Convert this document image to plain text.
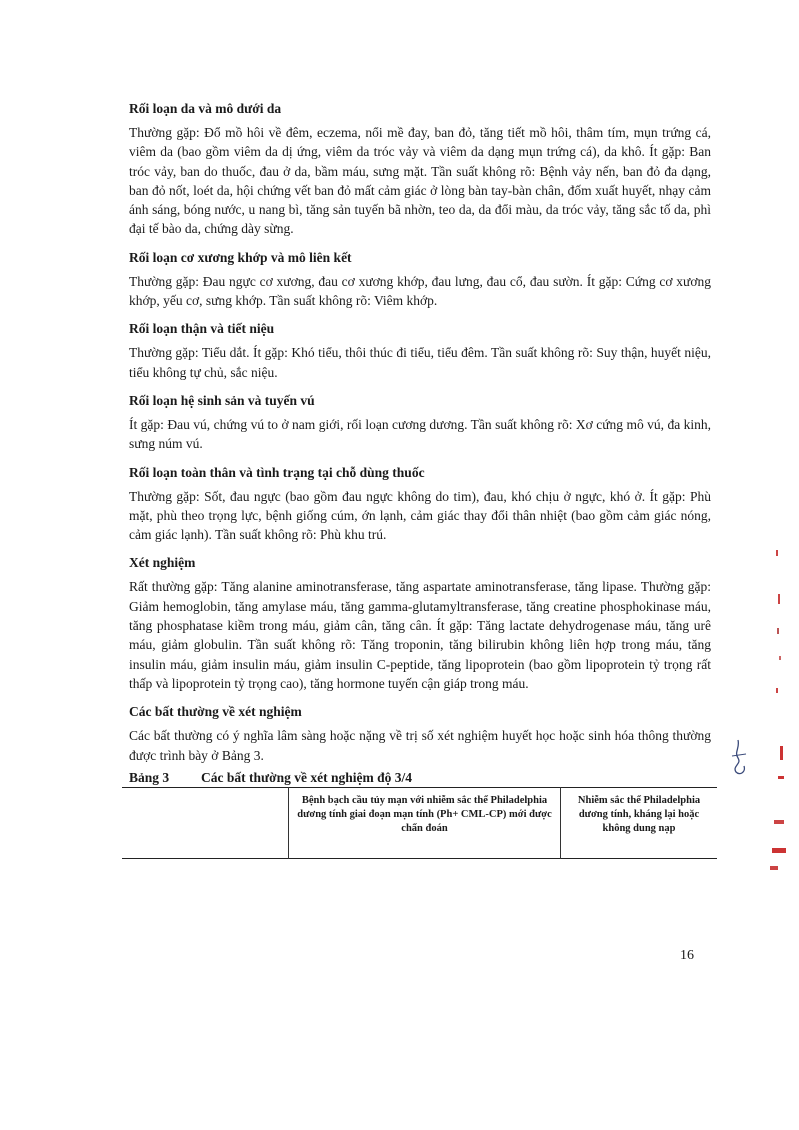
Rối loạn da và mô dưới da

Thường gặp: Đổ mồ hôi về đêm, eczema, nổi mề đay, ban đỏ, tăng tiết mồ hôi, thâm tím, mụn trứng cá, viêm da (bao gồm viêm da dị ứng, viêm da tróc vảy và viêm da dạng mụn trứng cá), da khô. Ít gặp: Ban tróc vảy, ban do thuốc, đau ở da, bầm máu, sưng mặt. Tần suất không rõ: Bệnh vảy nến, ban đỏ đa dạng, ban đỏ nốt, loét da, hội chứng vết ban đỏ mất cảm giác ở lòng bàn tay-bàn chân, đốm xuất huyết, nhạy cảm ánh sáng, bóng nước, u nang bì, tăng sản tuyến bã nhờn, teo da, da đổi màu, da tróc vảy, tăng sắc tố da, phì đại tế bào da, chứng dày sừng.

Rối loạn cơ xương khớp và mô liên kết

Thường gặp: Đau ngực cơ xương, đau cơ xương khớp, đau lưng, đau cổ, đau sườn. Ít gặp: Cứng cơ xương khớp, yếu cơ, sưng khớp. Tần suất không rõ: Viêm khớp.

Rối loạn thận và tiết niệu

Thường gặp: Tiểu dắt. Ít gặp: Khó tiểu, thôi thúc đi tiểu, tiểu đêm. Tần suất không rõ: Suy thận, huyết niệu, tiểu không tự chủ, sắc niệu.

Rối loạn hệ sinh sản và tuyến vú

Ít gặp: Đau vú, chứng vú to ở nam giới, rối loạn cương dương. Tần suất không rõ: Xơ cứng mô vú, đa kinh, sưng núm vú.

Rối loạn toàn thân và tình trạng tại chỗ dùng thuốc

Thường gặp: Sốt, đau ngực (bao gồm đau ngực không do tim), đau, khó chịu ở ngực, khó ở. Ít gặp: Phù mặt, phù theo trọng lực, bệnh giống cúm, ớn lạnh, cảm giác thay đổi thân nhiệt (bao gồm cảm giác nóng, cảm giác lạnh). Tần suất không rõ: Phù khu trú.

Xét nghiệm

Rất thường gặp: Tăng alanine aminotransferase, tăng aspartate aminotransferase, tăng lipase. Thường gặp: Giảm hemoglobin, tăng amylase máu, tăng gamma-glutamyltransferase, tăng creatine phosphokinase máu, tăng phosphatase kiềm trong máu, giảm cân, tăng cân. Ít gặp: Tăng lactate dehydrogenase máu, tăng urê máu, giảm globulin. Tần suất không rõ: Tăng troponin, tăng bilirubin không liên hợp trong máu, tăng insulin máu, giảm insulin máu, giảm insulin C-peptide, tăng lipoprotein (bao gồm lipoprotein tỷ trọng rất thấp và lipoprotein tỷ trọng cao), tăng hormone tuyến cận giáp trong máu.

Các bất thường về xét nghiệm

Các bất thường có ý nghĩa lâm sàng hoặc nặng về trị số xét nghiệm huyết học hoặc sinh hóa thông thường được trình bày ở Bảng 3.

Bảng 3	Các bất thường về xét nghiệm độ 3/4
	Bệnh bạch cầu tủy mạn với nhiễm sắc thể Philadelphia dương tính giai đoạn mạn tính (Ph+ CML-CP) mới được chẩn đoán	Nhiễm sắc thể Philadelphia dương tính, kháng lại hoặc không dung nạp
16
